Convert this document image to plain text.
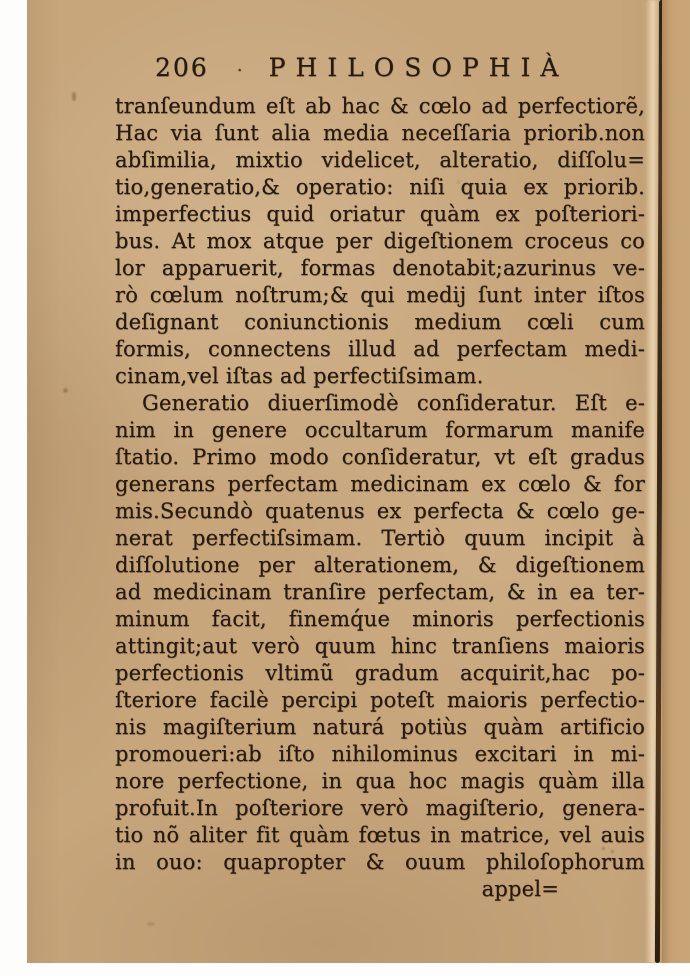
206 · PHILOSOPHIÀ
tranſeundum eſt ab hac & cœlo ad perfectiorẽ,
Hac via ſunt alia media neceſſaria priorib.non
abſimilia, mixtio videlicet, alteratio, diſſolu=
tio,generatio,& operatio: niſi quia ex priorib.
imperfectius quid oriatur quàm ex poſteriori-
bus. At mox atque per digeſtionem croceus co
lor apparuerit, formas denotabit;azurinus ve-
rò cœlum noſtrum;& qui medij ſunt inter iſtos
deſignant coniunctionis medium cœli cum
formis, connectens illud ad perfectam medi-
cinam,vel iſtas ad perfectiſsimam.
Generatio diuerſimodè conſideratur. Eſt e-
nim in genere occultarum formarum manife
ſtatio. Primo modo conſideratur, vt eſt gradus
generans perfectam medicinam ex cœlo & for
mis.Secundò quatenus ex perfecta & cœlo ge-
nerat perfectiſsimam. Tertiò quum incipit à
diſſolutione per alterationem, & digeſtionem
ad medicinam tranſire perfectam, & in ea ter-
minum facit, finemq́ue minoris perfectionis
attingit;aut verò quum hinc tranſiens maioris
perfectionis vltimũ gradum acquirit,hac po-
ſteriore facilè percipi poteſt maioris perfectio-
nis magiſterium naturá potiùs quàm artificio
promoueri:ab iſto nihilominus excitari in mi-
nore perfectione, in qua hoc magis quàm illa
profuit.In poſteriore verò magiſterio, genera-
tio nõ aliter fit quàm fœtus in matrice, vel auis
in ouo: quapropter & ouum philoſophorum
appel=
